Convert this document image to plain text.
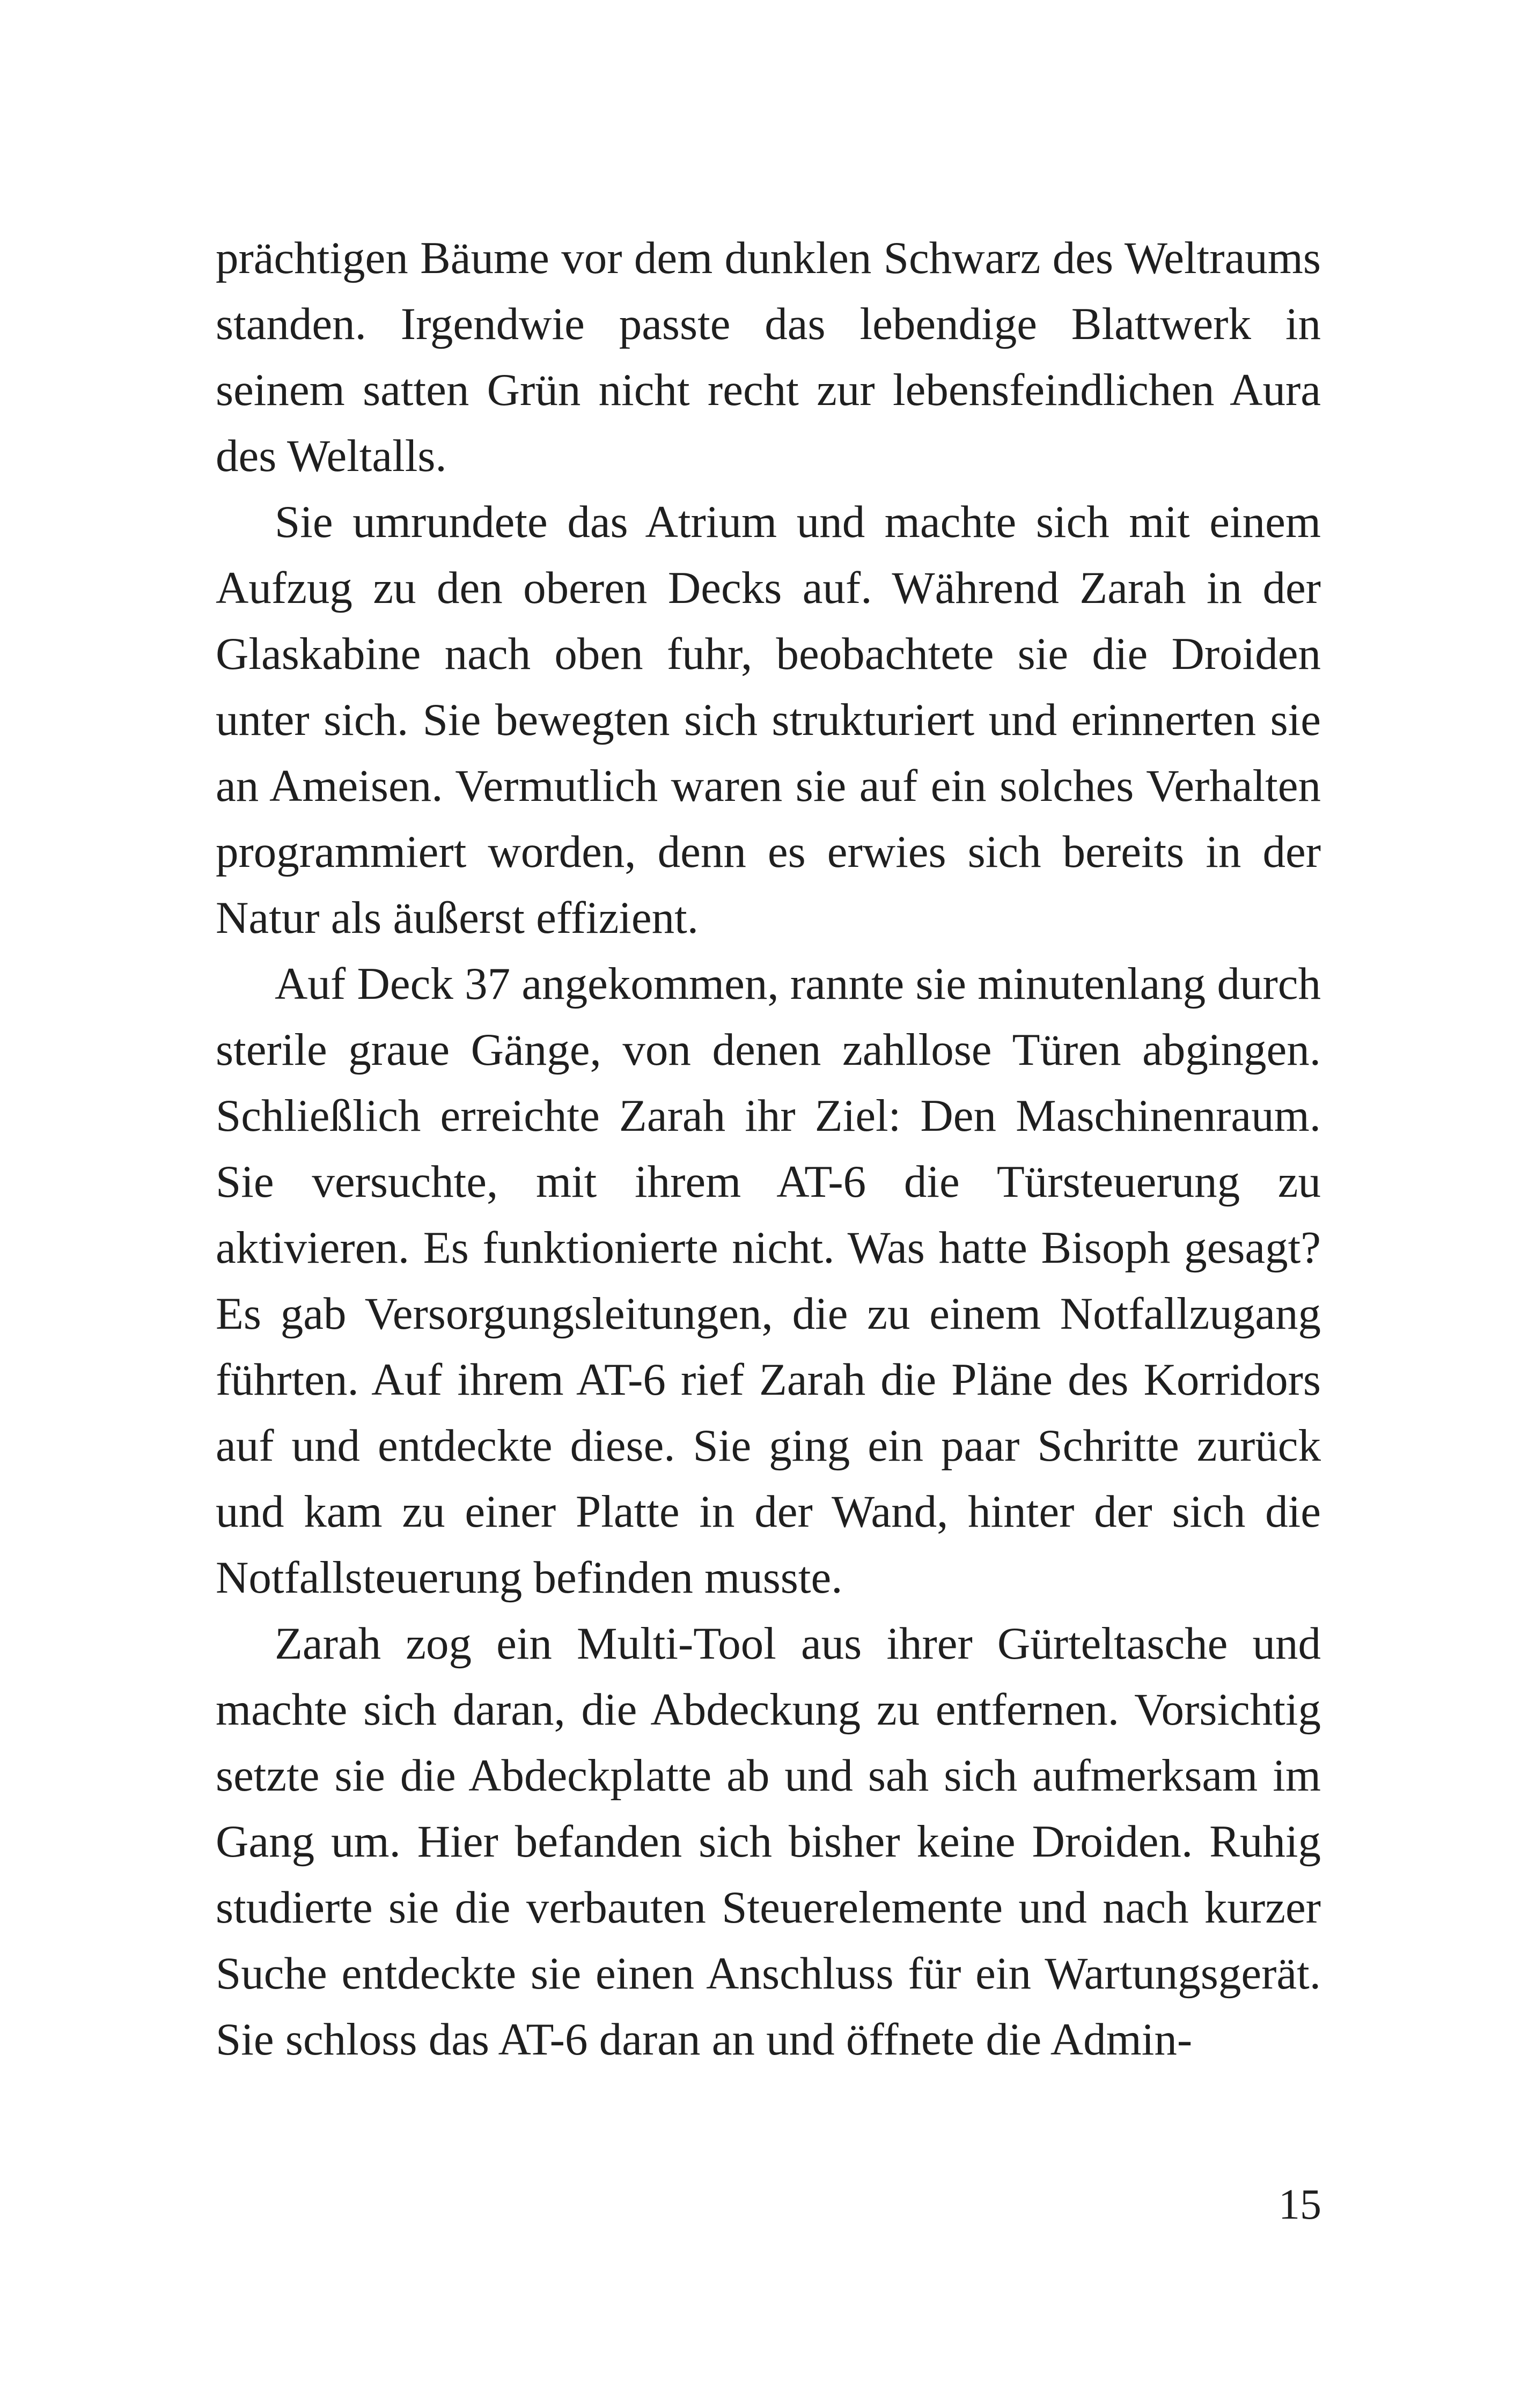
prächtigen Bäume vor dem dunklen Schwarz des Weltraums standen. Irgendwie passte das lebendige Blattwerk in seinem satten Grün nicht recht zur lebensfeindlichen Aura des Weltalls.

Sie umrundete das Atrium und machte sich mit einem Aufzug zu den oberen Decks auf. Während Zarah in der Glaskabine nach oben fuhr, beobachtete sie die Droiden unter sich. Sie bewegten sich strukturiert und erinnerten sie an Ameisen. Vermutlich waren sie auf ein solches Verhalten programmiert worden, denn es erwies sich bereits in der Natur als äußerst effizient.

Auf Deck 37 angekommen, rannte sie minutenlang durch sterile graue Gänge, von denen zahllose Türen abgingen. Schließlich erreichte Zarah ihr Ziel: Den Maschinenraum. Sie versuchte, mit ihrem AT-6 die Türsteuerung zu aktivieren. Es funktionierte nicht. Was hatte Bisoph gesagt? Es gab Versorgungsleitungen, die zu einem Notfallzugang führten. Auf ihrem AT-6 rief Zarah die Pläne des Korridors auf und entdeckte diese. Sie ging ein paar Schritte zurück und kam zu einer Platte in der Wand, hinter der sich die Notfallsteuerung befinden musste.

Zarah zog ein Multi-Tool aus ihrer Gürteltasche und machte sich daran, die Abdeckung zu entfernen. Vorsichtig setzte sie die Abdeckplatte ab und sah sich aufmerksam im Gang um. Hier befanden sich bisher keine Droiden. Ruhig studierte sie die verbauten Steuerelemente und nach kurzer Suche entdeckte sie einen Anschluss für ein Wartungsgerät. Sie schloss das AT-6 daran an und öffnete die Admin-

15
